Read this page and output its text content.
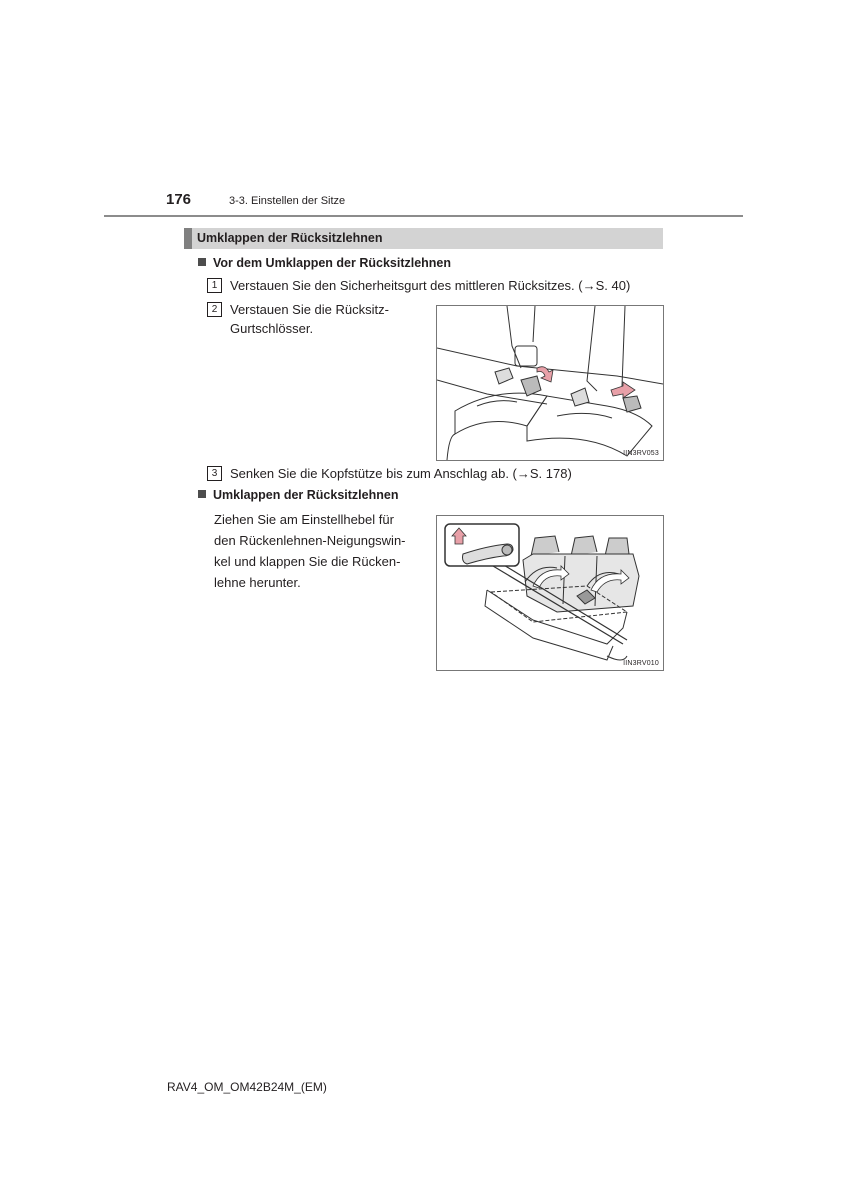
176	3-3. Einstellen der Sitze
Umklappen der Rücksitzlehnen
Vor dem Umklappen der Rücksitzlehnen
1 Verstauen Sie den Sicherheitsgurt des mittleren Rücksitzes. (→S. 40)
2 Verstauen Sie die Rücksitz-
Gurtschlösser.
IIN3RV053
3 Senken Sie die Kopfstütze bis zum Anschlag ab. (→S. 178)
Umklappen der Rücksitzlehnen
Ziehen Sie am Einstellhebel für
den Rückenlehnen-Neigungswin-
kel und klappen Sie die Rücken-
lehne herunter.
IIN3RV010
RAV4_OM_OM42B24M_(EM)
